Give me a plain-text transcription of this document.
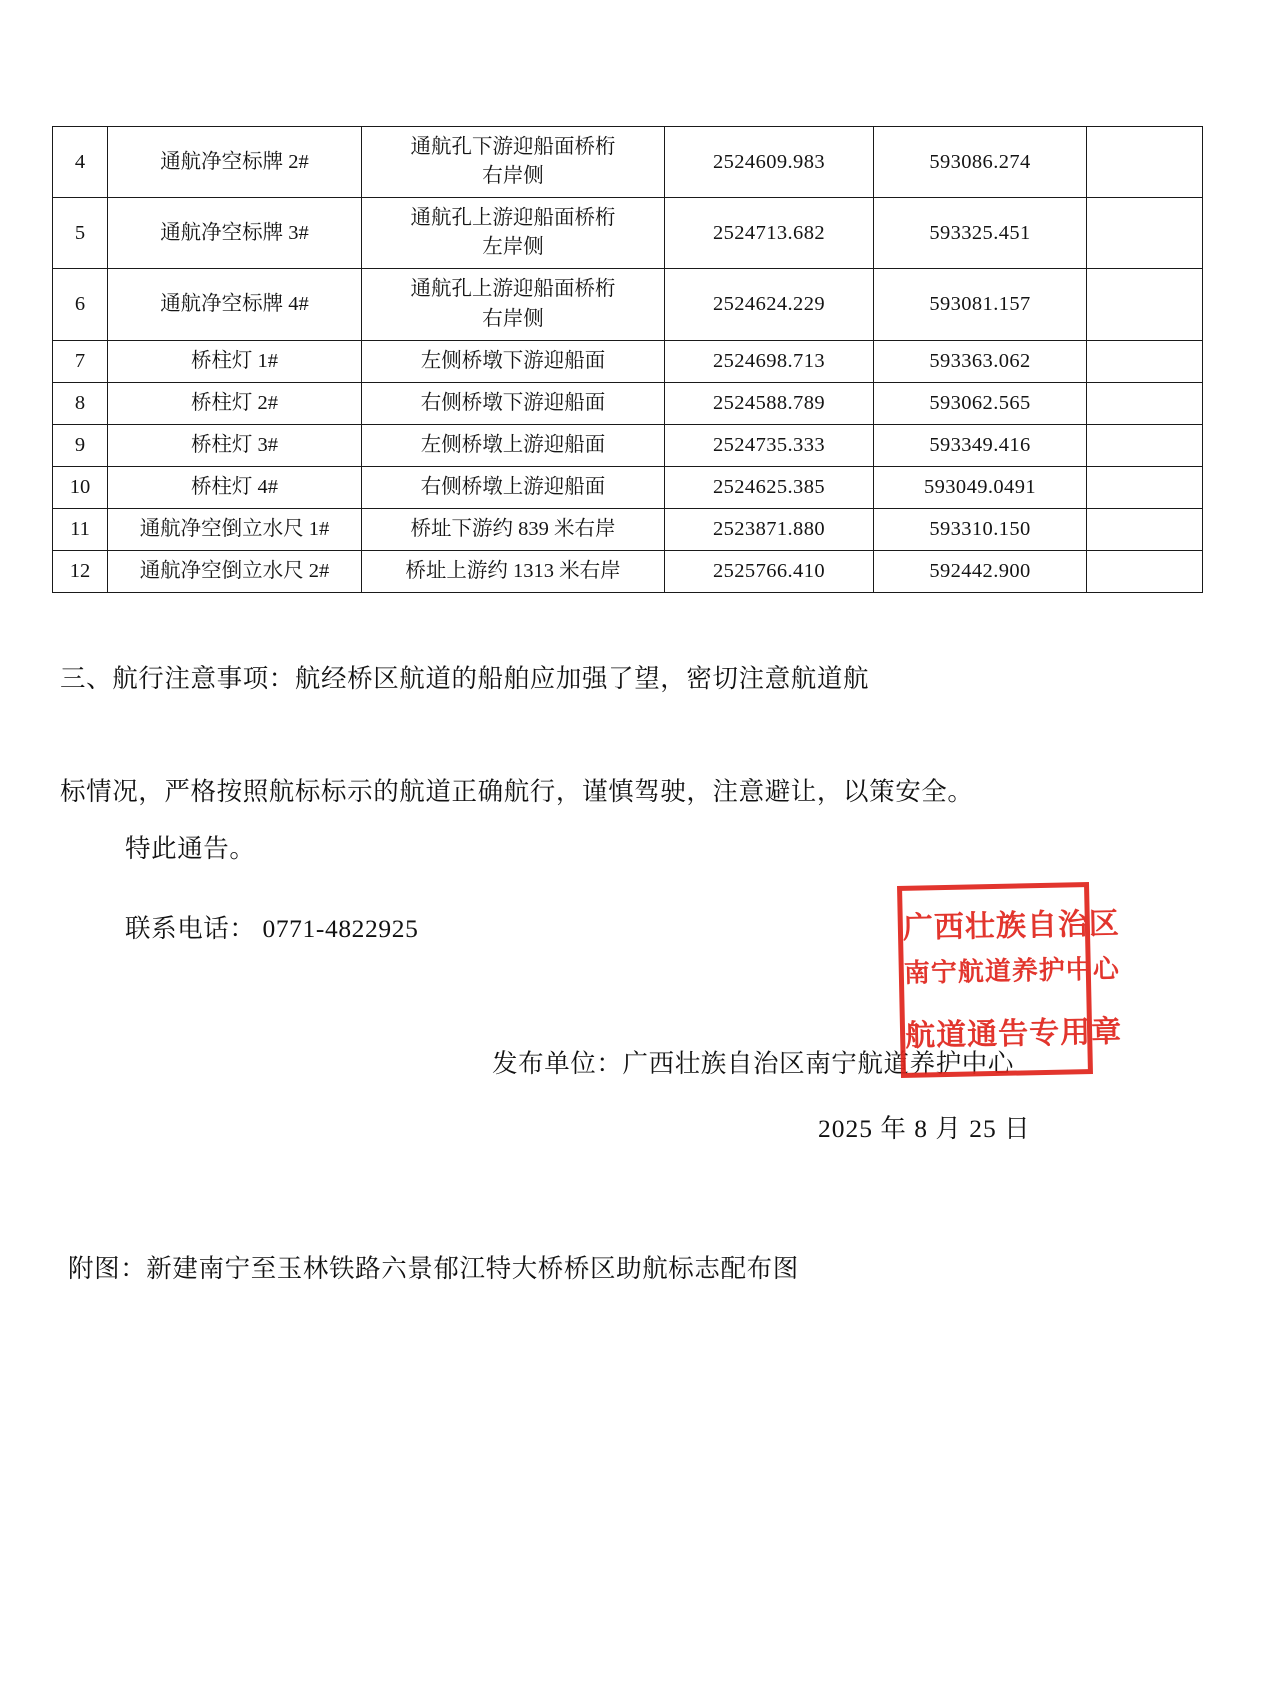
4	通航净空标牌 2#	通航孔下游迎船面桥桁
右岸侧	2524609.983	593086.274	
5	通航净空标牌 3#	通航孔上游迎船面桥桁
左岸侧	2524713.682	593325.451	
6	通航净空标牌 4#	通航孔上游迎船面桥桁
右岸侧	2524624.229	593081.157	
7	桥柱灯 1#	左侧桥墩下游迎船面	2524698.713	593363.062	
8	桥柱灯 2#	右侧桥墩下游迎船面	2524588.789	593062.565	
9	桥柱灯 3#	左侧桥墩上游迎船面	2524735.333	593349.416	
10	桥柱灯 4#	右侧桥墩上游迎船面	2524625.385	593049.0491	
11	通航净空倒立水尺 1#	桥址下游约 839 米右岸	2523871.880	593310.150	
12	通航净空倒立水尺 2#	桥址上游约 1313 米右岸	2525766.410	592442.900	
三、航行注意事项：航经桥区航道的船舶应加强了望，密切注意航道航
标情况，严格按照航标标示的航道正确航行，谨慎驾驶，注意避让，以策安全。
特此通告。
联系电话： 0771-4822925
发布单位：广西壮族自治区南宁航道养护中心
2025 年 8 月 25 日
广西壮族自治区
南宁航道养护中心
航道通告专用章
附图：新建南宁至玉林铁路六景郁江特大桥桥区助航标志配布图
